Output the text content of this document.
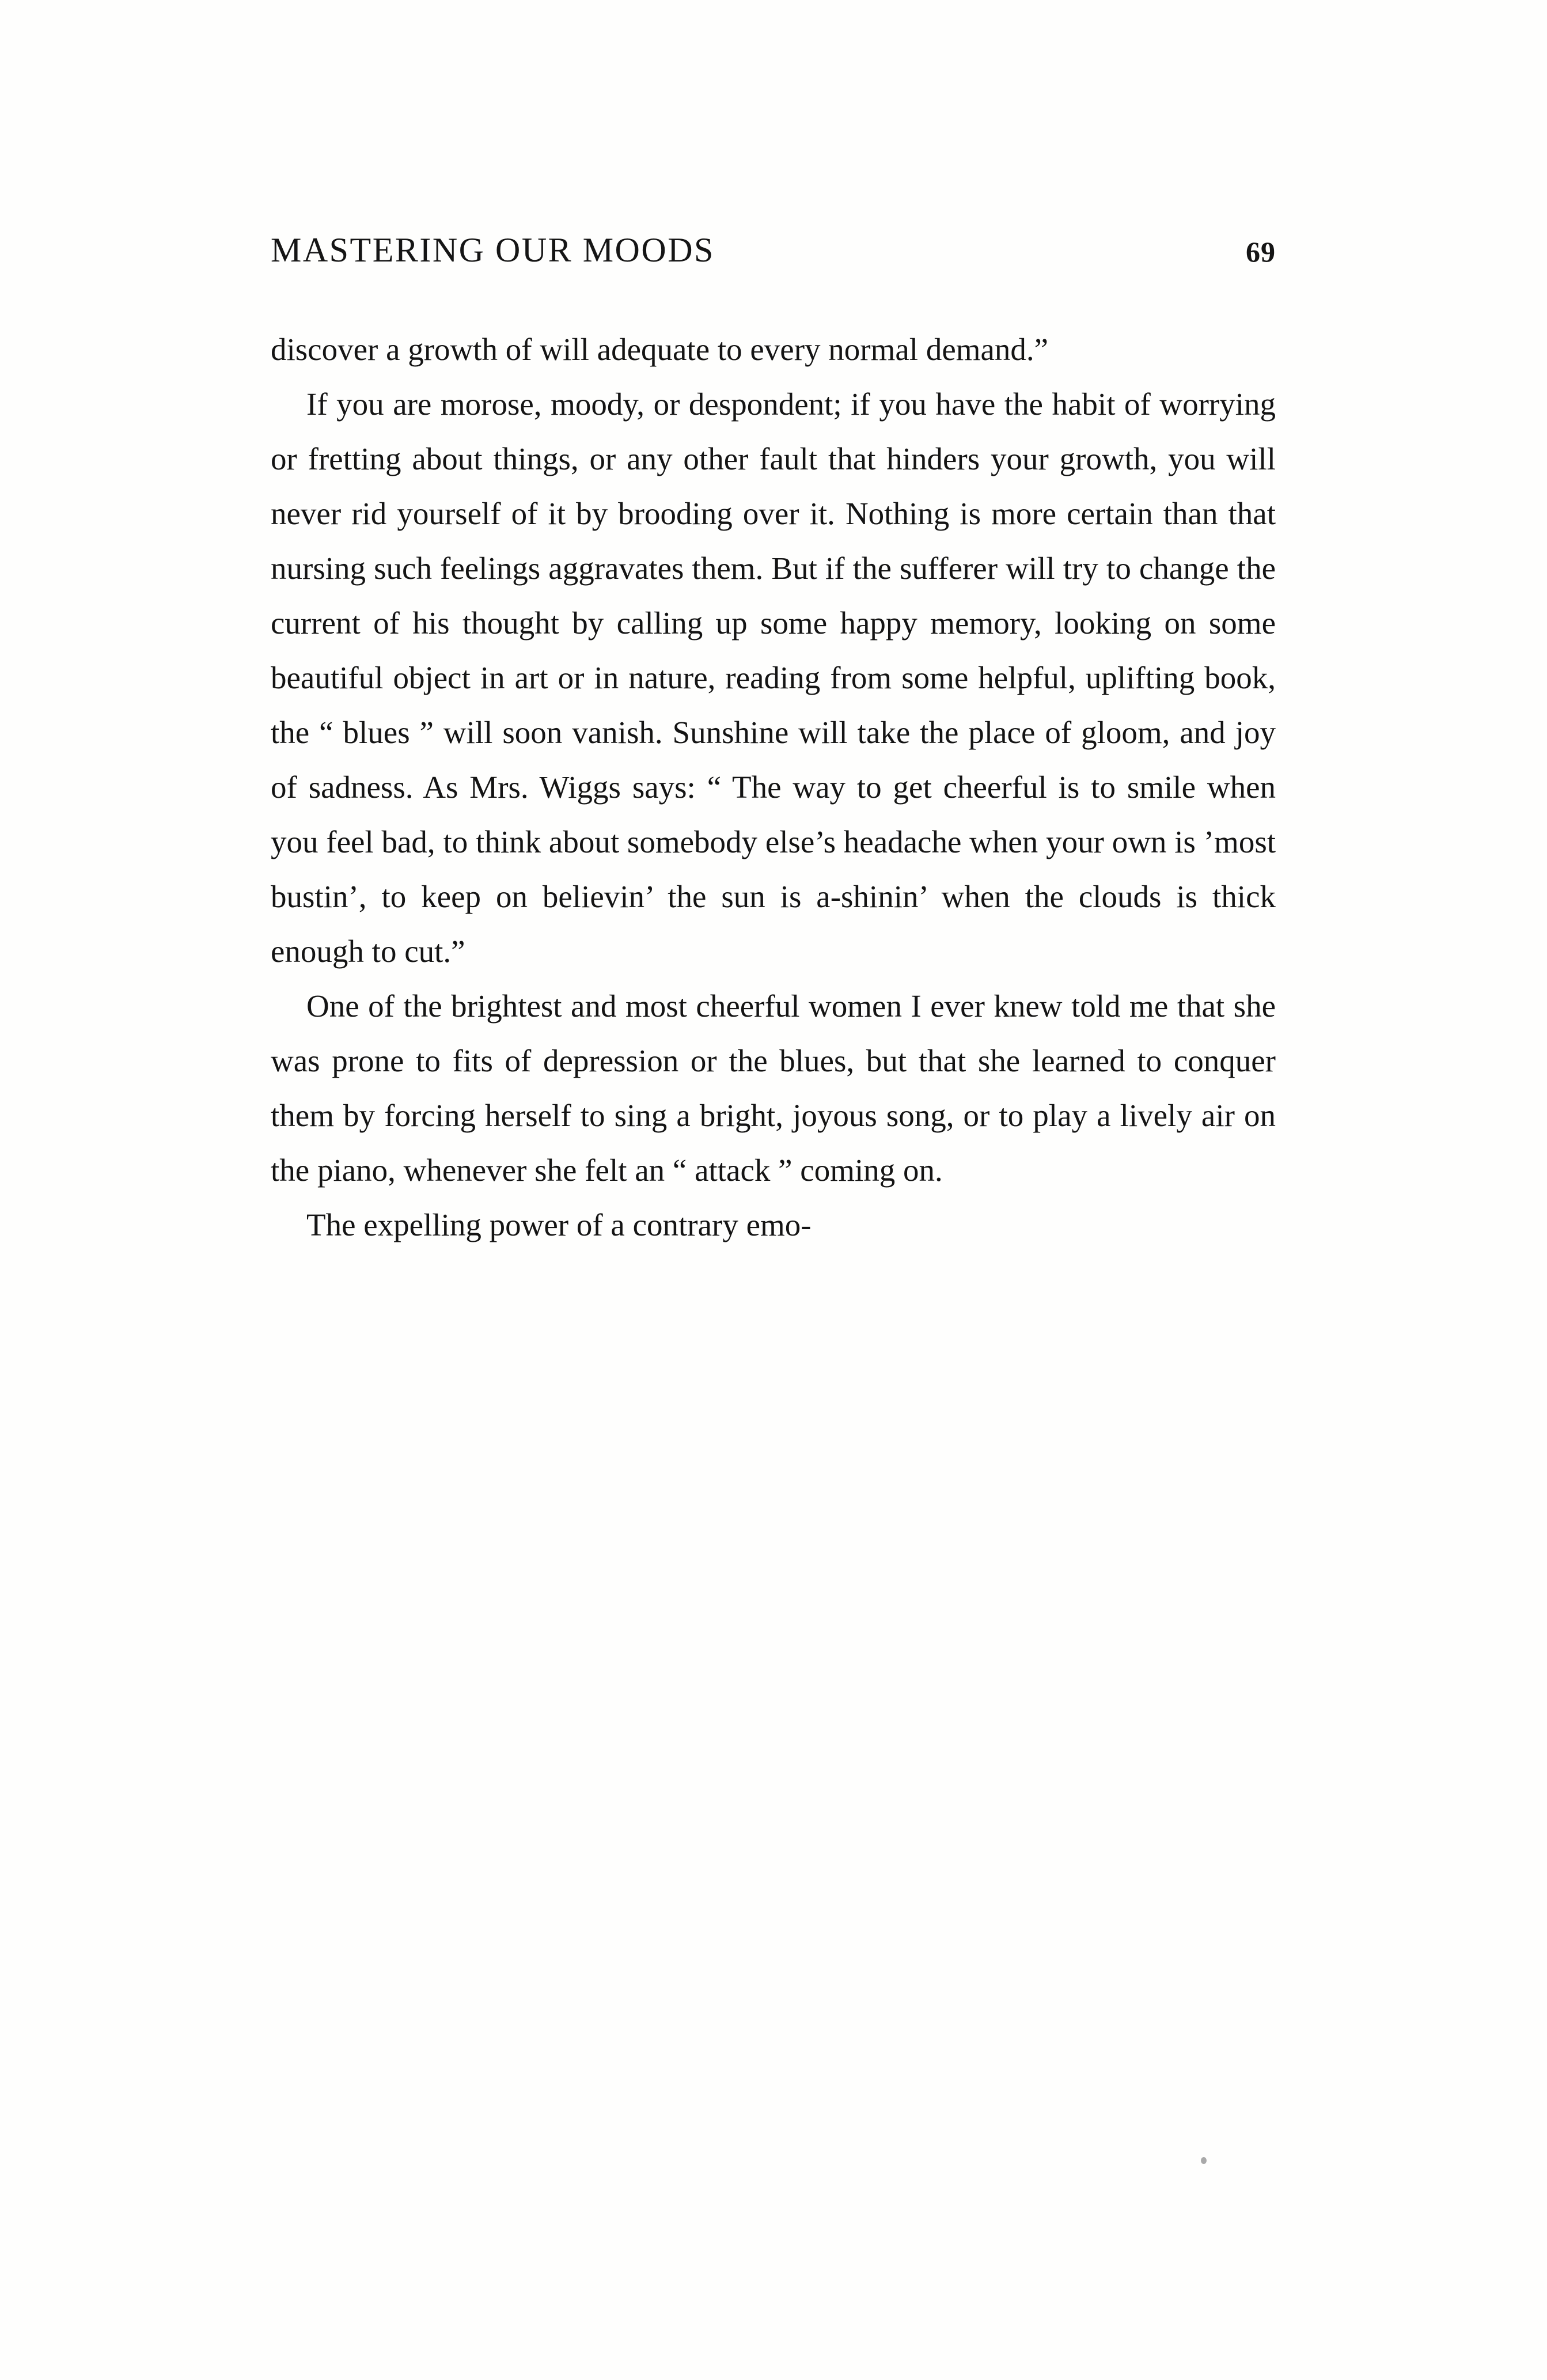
MASTERING OUR MOODS	69

discover a growth of will adequate to every normal demand.”

If you are morose, moody, or despondent; if you have the habit of worrying or fretting about things, or any other fault that hinders your growth, you will never rid yourself of it by brooding over it. Nothing is more certain than that nursing such feelings aggravates them. But if the sufferer will try to change the current of his thought by calling up some happy memory, looking on some beautiful object in art or in nature, reading from some helpful, uplifting book, the “ blues ” will soon vanish. Sunshine will take the place of gloom, and joy of sadness. As Mrs. Wiggs says: “ The way to get cheerful is to smile when you feel bad, to think about somebody else’s headache when your own is ’most bustin’, to keep on believin’ the sun is a-shinin’ when the clouds is thick enough to cut.”

One of the brightest and most cheerful women I ever knew told me that she was prone to fits of depression or the blues, but that she learned to conquer them by forcing herself to sing a bright, joyous song, or to play a lively air on the piano, whenever she felt an “ attack ” coming on.

The expelling power of a contrary emo-
